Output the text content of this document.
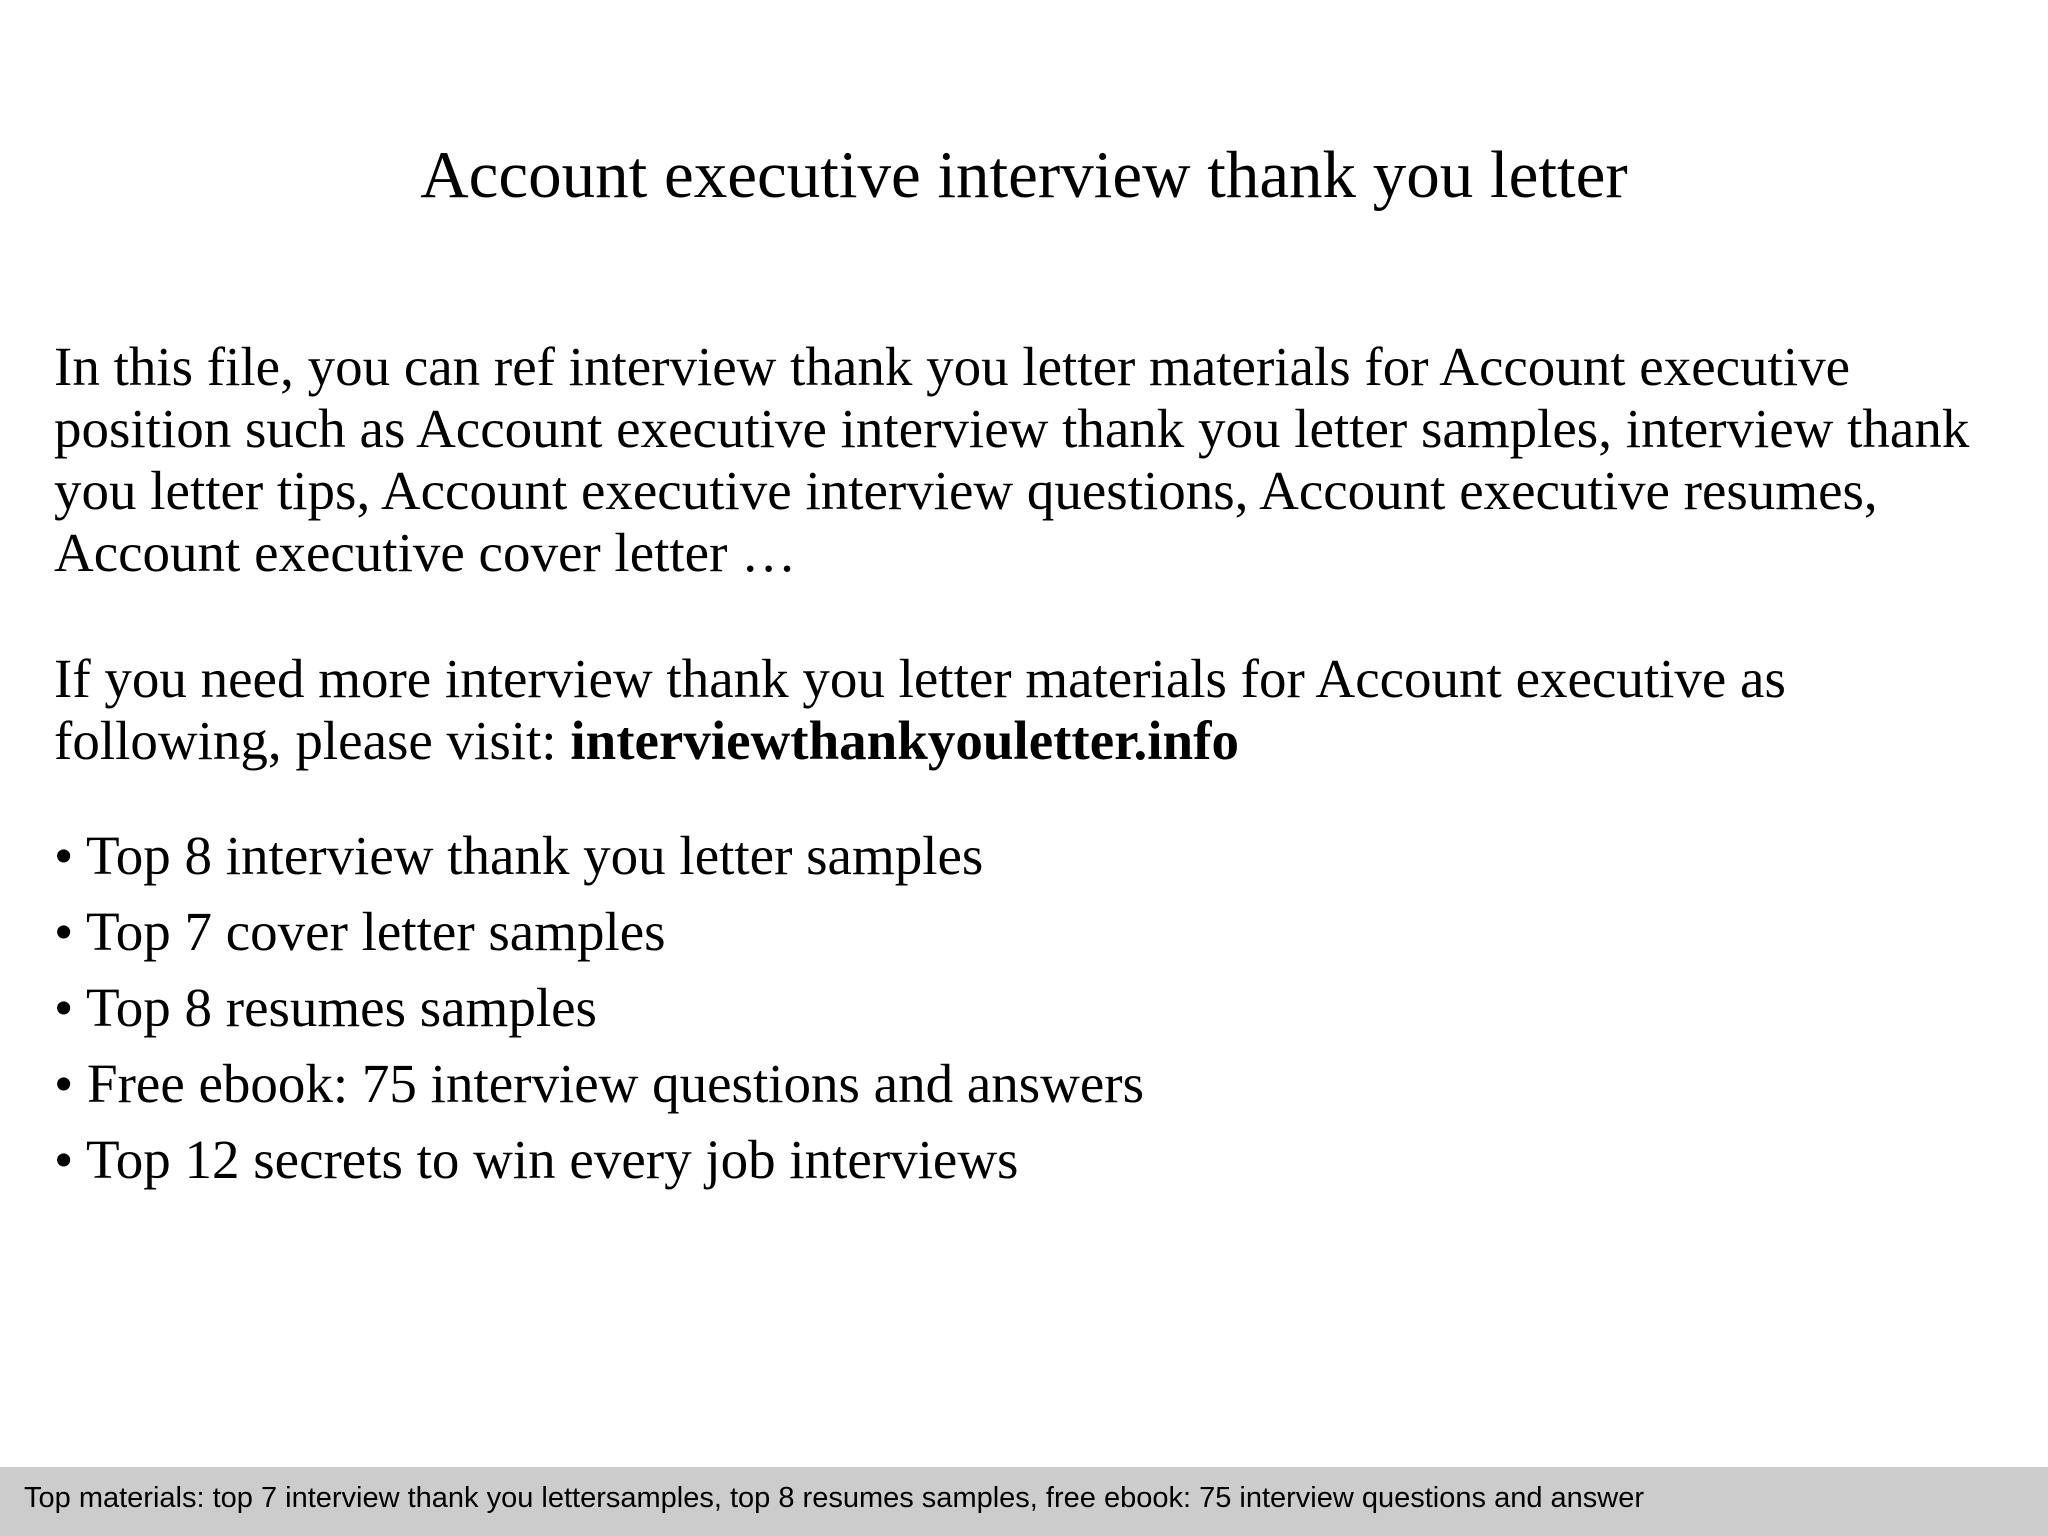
Account executive interview thank you letter

In this file, you can ref interview thank you letter materials for Account executive position such as Account executive interview thank you letter samples, interview thank you letter tips, Account executive interview questions, Account executive resumes, Account executive cover letter …

If you need more interview thank you letter materials for Account executive as following, please visit: interviewthankyouletter.info

• Top 8 interview thank you letter samples
• Top 7 cover letter samples
• Top 8 resumes samples
• Free ebook: 75 interview questions and answers
• Top 12 secrets to win every job interviews
Top materials: top 7 interview thank you lettersamples, top 8 resumes samples, free ebook: 75 interview questions and answer
